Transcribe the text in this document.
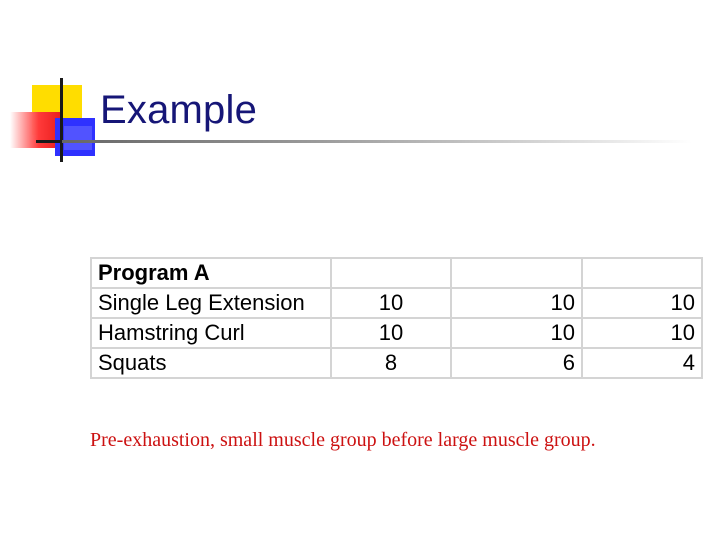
Example
Program A			
Single Leg Extension	10	10	10
Hamstring Curl	10	10	10
Squats	8	6	4
Pre-exhaustion, small muscle group before large muscle group.
